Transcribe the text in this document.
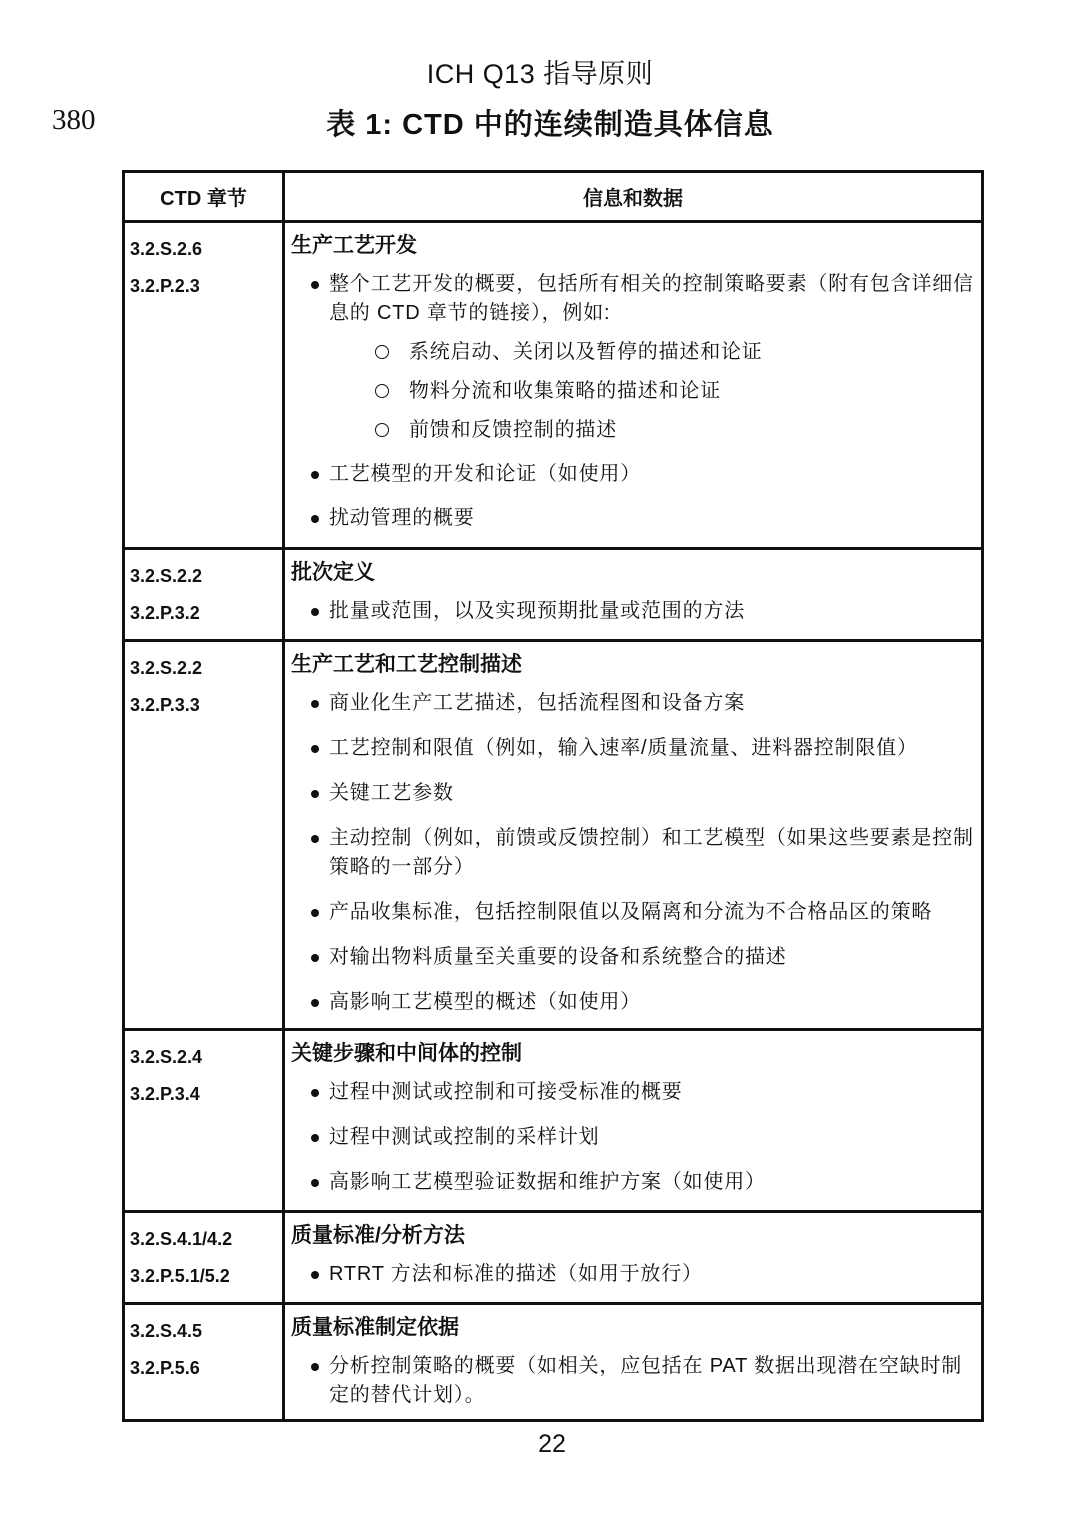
ICH Q13 指导原则
380	表 1: CTD 中的连续制造具体信息
CTD 章节	信息和数据
3.2.S.2.6
3.2.P.2.3
生产工艺开发
整个工艺开发的概要，包括所有相关的控制策略要素（附有包含详细信息的 CTD 章节的链接），例如:
系统启动、关闭以及暂停的描述和论证
物料分流和收集策略的描述和论证
前馈和反馈控制的描述
工艺模型的开发和论证（如使用）
扰动管理的概要
3.2.S.2.2
3.2.P.3.2
批次定义
批量或范围，以及实现预期批量或范围的方法
3.2.S.2.2
3.2.P.3.3
生产工艺和工艺控制描述
商业化生产工艺描述，包括流程图和设备方案
工艺控制和限值（例如，输入速率/质量流量、进料器控制限值）
关键工艺参数
主动控制（例如，前馈或反馈控制）和工艺模型（如果这些要素是控制策略的一部分）
产品收集标准，包括控制限值以及隔离和分流为不合格品区的策略
对输出物料质量至关重要的设备和系统整合的描述
高影响工艺模型的概述（如使用）
3.2.S.2.4
3.2.P.3.4
关键步骤和中间体的控制
过程中测试或控制和可接受标准的概要
过程中测试或控制的采样计划
高影响工艺模型验证数据和维护方案（如使用）
3.2.S.4.1/4.2
3.2.P.5.1/5.2
质量标准/分析方法
RTRT 方法和标准的描述（如用于放行）
3.2.S.4.5
3.2.P.5.6
质量标准制定依据
分析控制策略的概要（如相关，应包括在 PAT 数据出现潜在空缺时制定的替代计划）。
22
